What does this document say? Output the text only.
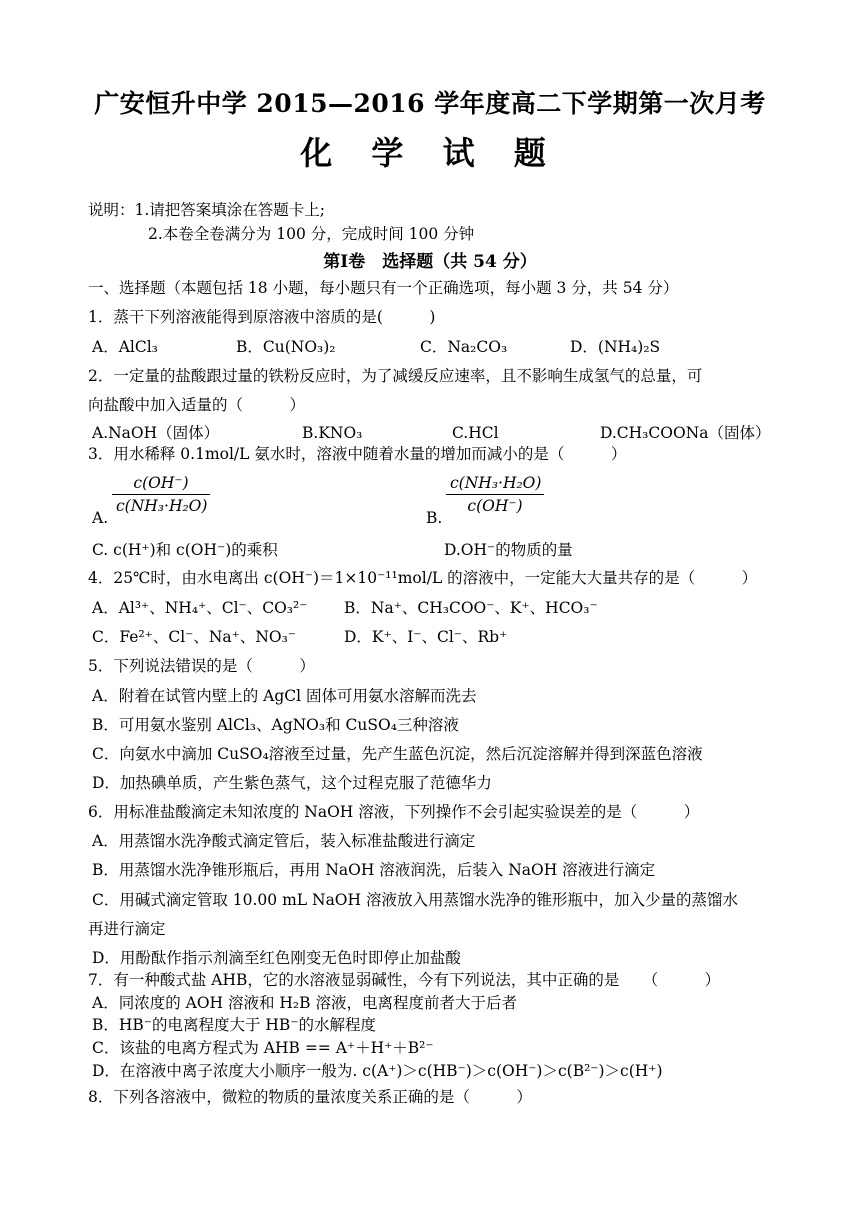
广安恒升中学 2015—2016 学年度高二下学期第一次月考
化 学 试 题
说明：1.请把答案填涂在答题卡上;
2.本卷全卷满分为 100 分，完成时间 100 分钟
第Ⅰ卷　选择题（共 54 分）
一、选择题（本题包括 18 小题，每小题只有一个正确选项，每小题 3 分，共 54 分）
1．蒸干下列溶液能得到原溶液中溶质的是(　　　)
A．AlCl₃	B．Cu(NO₃)₂	C．Na₂CO₃	D．(NH₄)₂S
2．一定量的盐酸跟过量的铁粉反应时，为了减缓反应速率，且不影响生成氢气的总量，可
向盐酸中加入适量的（　　　）
A.NaOH（固体）	B.KNO₃	C.HCl	D.CH₃COONa（固体）
3．用水稀释 0.1mol/L 氨水时，溶液中随着水量的增加而减小的是（　　　）
A.
c(OH⁻)
c(NH₃·H₂O)
B.
c(NH₃·H₂O)
c(OH⁻)
C. c(H⁺)和 c(OH⁻)的乘积	D.OH⁻的物质的量
4．25℃时，由水电离出 c(OH⁻)＝1×10⁻¹¹mol/L 的溶液中，一定能大大量共存的是（　　　）
A．Al³⁺、NH₄⁺、Cl⁻、CO₃²⁻ B．Na⁺、CH₃COO⁻、K⁺、HCO₃⁻
C．Fe²⁺、Cl⁻、Na⁺、NO₃⁻	D．K⁺、I⁻、Cl⁻、Rb⁺
5．下列说法错误的是（　　　）
A．附着在试管内壁上的 AgCl 固体可用氨水溶解而洗去
B．可用氨水鉴别 AlCl₃、AgNO₃和 CuSO₄三种溶液
C．向氨水中滴加 CuSO₄溶液至过量，先产生蓝色沉淀，然后沉淀溶解并得到深蓝色溶液
D．加热碘单质，产生紫色蒸气，这个过程克服了范德华力
6．用标准盐酸滴定未知浓度的 NaOH 溶液，下列操作不会引起实验误差的是（　　　）
A．用蒸馏水洗净酸式滴定管后，装入标准盐酸进行滴定
B．用蒸馏水洗净锥形瓶后，再用 NaOH 溶液润洗，后装入 NaOH 溶液进行滴定
C．用碱式滴定管取 10.00 mL NaOH 溶液放入用蒸馏水洗净的锥形瓶中，加入少量的蒸馏水
再进行滴定
D．用酚酞作指示剂滴至红色刚变无色时即停止加盐酸
7．有一种酸式盐 AHB，它的水溶液显弱碱性，今有下列说法，其中正确的是　　（　　　）
A．同浓度的 AOH 溶液和 H₂B 溶液，电离程度前者大于后者
B．HB⁻的电离程度大于 HB⁻的水解程度
C．该盐的电离方程式为 AHB == A⁺＋H⁺＋B²⁻
D．在溶液中离子浓度大小顺序一般为. c(A⁺)＞c(HB⁻)＞c(OH⁻)＞c(B²⁻)＞c(H⁺)
8．下列各溶液中，微粒的物质的量浓度关系正确的是（　　　）
